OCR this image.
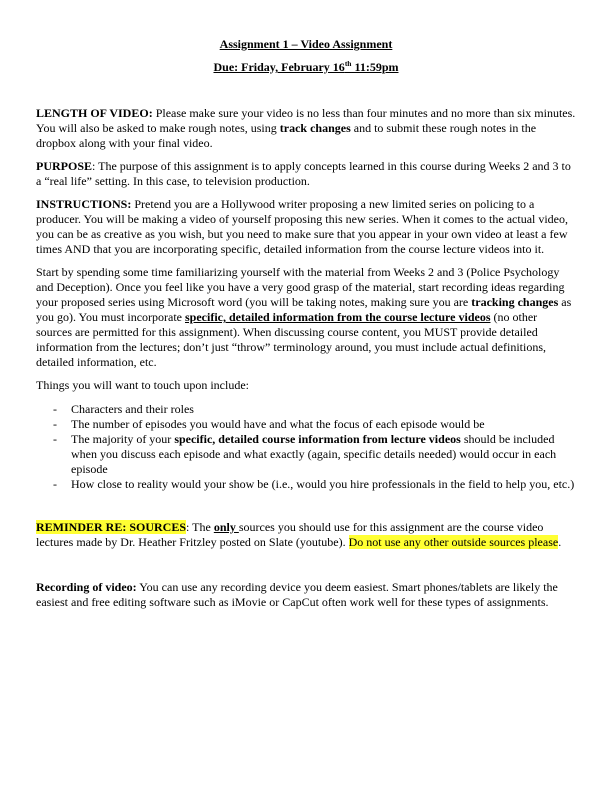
Assignment 1 – Video Assignment

Due: Friday, February 16th 11:59pm

LENGTH OF VIDEO: Please make sure your video is no less than four minutes and no more than six minutes. You will also be asked to make rough notes, using track changes and to submit these rough notes in the dropbox along with your final video.

PURPOSE: The purpose of this assignment is to apply concepts learned in this course during Weeks 2 and 3 to a “real life” setting. In this case, to television production.

INSTRUCTIONS: Pretend you are a Hollywood writer proposing a new limited series on policing to a producer. You will be making a video of yourself proposing this new series. When it comes to the actual video, you can be as creative as you wish, but you need to make sure that you appear in your own video at least a few times AND that you are incorporating specific, detailed information from the course lecture videos into it.

Start by spending some time familiarizing yourself with the material from Weeks 2 and 3 (Police Psychology and Deception). Once you feel like you have a very good grasp of the material, start recording ideas regarding your proposed series using Microsoft word (you will be taking notes, making sure you are tracking changes as you go). You must incorporate specific, detailed information from the course lecture videos (no other sources are permitted for this assignment). When discussing course content, you MUST provide detailed information from the lectures; don’t just “throw” terminology around, you must include actual definitions, detailed information, etc.

Things you will want to touch upon include:

- Characters and their roles
- The number of episodes you would have and what the focus of each episode would be
- The majority of your specific, detailed course information from lecture videos should be included when you discuss each episode and what exactly (again, specific details needed) would occur in each episode
- How close to reality would your show be (i.e., would you hire professionals in the field to help you, etc.)

REMINDER RE: SOURCES: The only sources you should use for this assignment are the course video lectures made by Dr. Heather Fritzley posted on Slate (youtube). Do not use any other outside sources please.

Recording of video: You can use any recording device you deem easiest. Smart phones/tablets are likely the easiest and free editing software such as iMovie or CapCut often work well for these types of assignments.
